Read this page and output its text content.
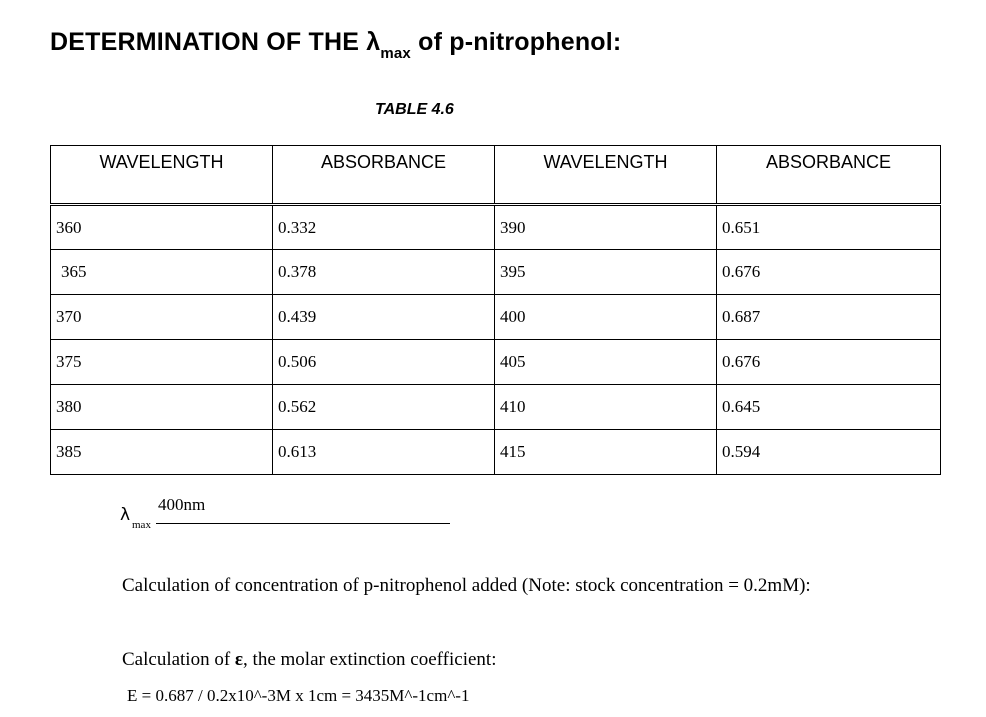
DETERMINATION OF THE $\lambda_{max}$ of p-nitrophenol:

TABLE 4.6

WAVELENGTH	ABSORBANCE	WAVELENGTH	ABSORBANCE
360	0.332	390	0.651
365	0.378	395	0.676
370	0.439	400	0.687
375	0.506	405	0.676
380	0.562	410	0.645
385	0.613	415	0.594
λ max
400nm

Calculation of concentration of p-nitrophenol added (Note: stock concentration = 0.2mM):

Calculation of ε, the molar extinction coefficient:

E = 0.687 / 0.2x10^-3M x 1cm = 3435M^-1cm^-1
